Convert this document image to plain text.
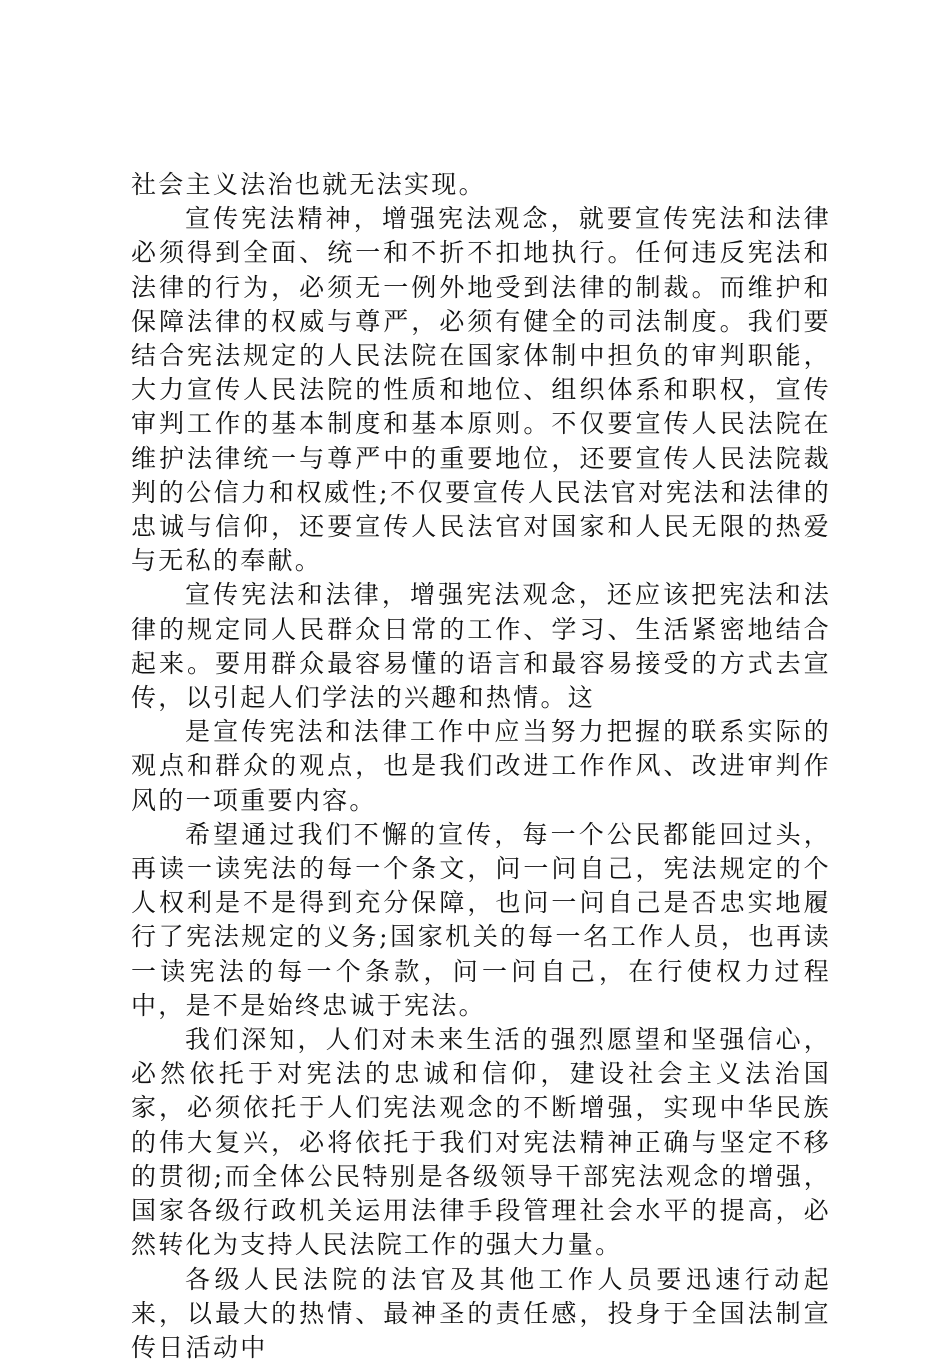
社会主义法治也就无法实现。

宣传宪法精神，增强宪法观念，就要宣传宪法和法律必须得到全面、统一和不折不扣地执行。任何违反宪法和法律的行为，必须无一例外地受到法律的制裁。而维护和保障法律的权威与尊严，必须有健全的司法制度。我们要结合宪法规定的人民法院在国家体制中担负的审判职能，大力宣传人民法院的性质和地位、组织体系和职权，宣传审判工作的基本制度和基本原则。不仅要宣传人民法院在维护法律统一与尊严中的重要地位，还要宣传人民法院裁判的公信力和权威性;不仅要宣传人民法官对宪法和法律的忠诚与信仰，还要宣传人民法官对国家和人民无限的热爱与无私的奉献。

宣传宪法和法律，增强宪法观念，还应该把宪法和法律的规定同人民群众日常的工作、学习、生活紧密地结合起来。要用群众最容易懂的语言和最容易接受的方式去宣传，以引起人们学法的兴趣和热情。这

是宣传宪法和法律工作中应当努力把握的联系实际的观点和群众的观点，也是我们改进工作作风、改进审判作风的一项重要内容。

希望通过我们不懈的宣传，每一个公民都能回过头，再读一读宪法的每一个条文，问一问自己，宪法规定的个人权利是不是得到充分保障，也问一问自己是否忠实地履行了宪法规定的义务;国家机关的每一名工作人员，也再读一读宪法的每一个条款，问一问自己，在行使权力过程中，是不是始终忠诚于宪法。

我们深知，人们对未来生活的强烈愿望和坚强信心，必然依托于对宪法的忠诚和信仰，建设社会主义法治国家，必须依托于人们宪法观念的不断增强，实现中华民族的伟大复兴，必将依托于我们对宪法精神正确与坚定不移的贯彻;而全体公民特别是各级领导干部宪法观念的增强，国家各级行政机关运用法律手段管理社会水平的提高，必然转化为支持人民法院工作的强大力量。

各级人民法院的法官及其他工作人员要迅速行动起来，以最大的热情、最神圣的责任感，投身于全国法制宣传日活动中
